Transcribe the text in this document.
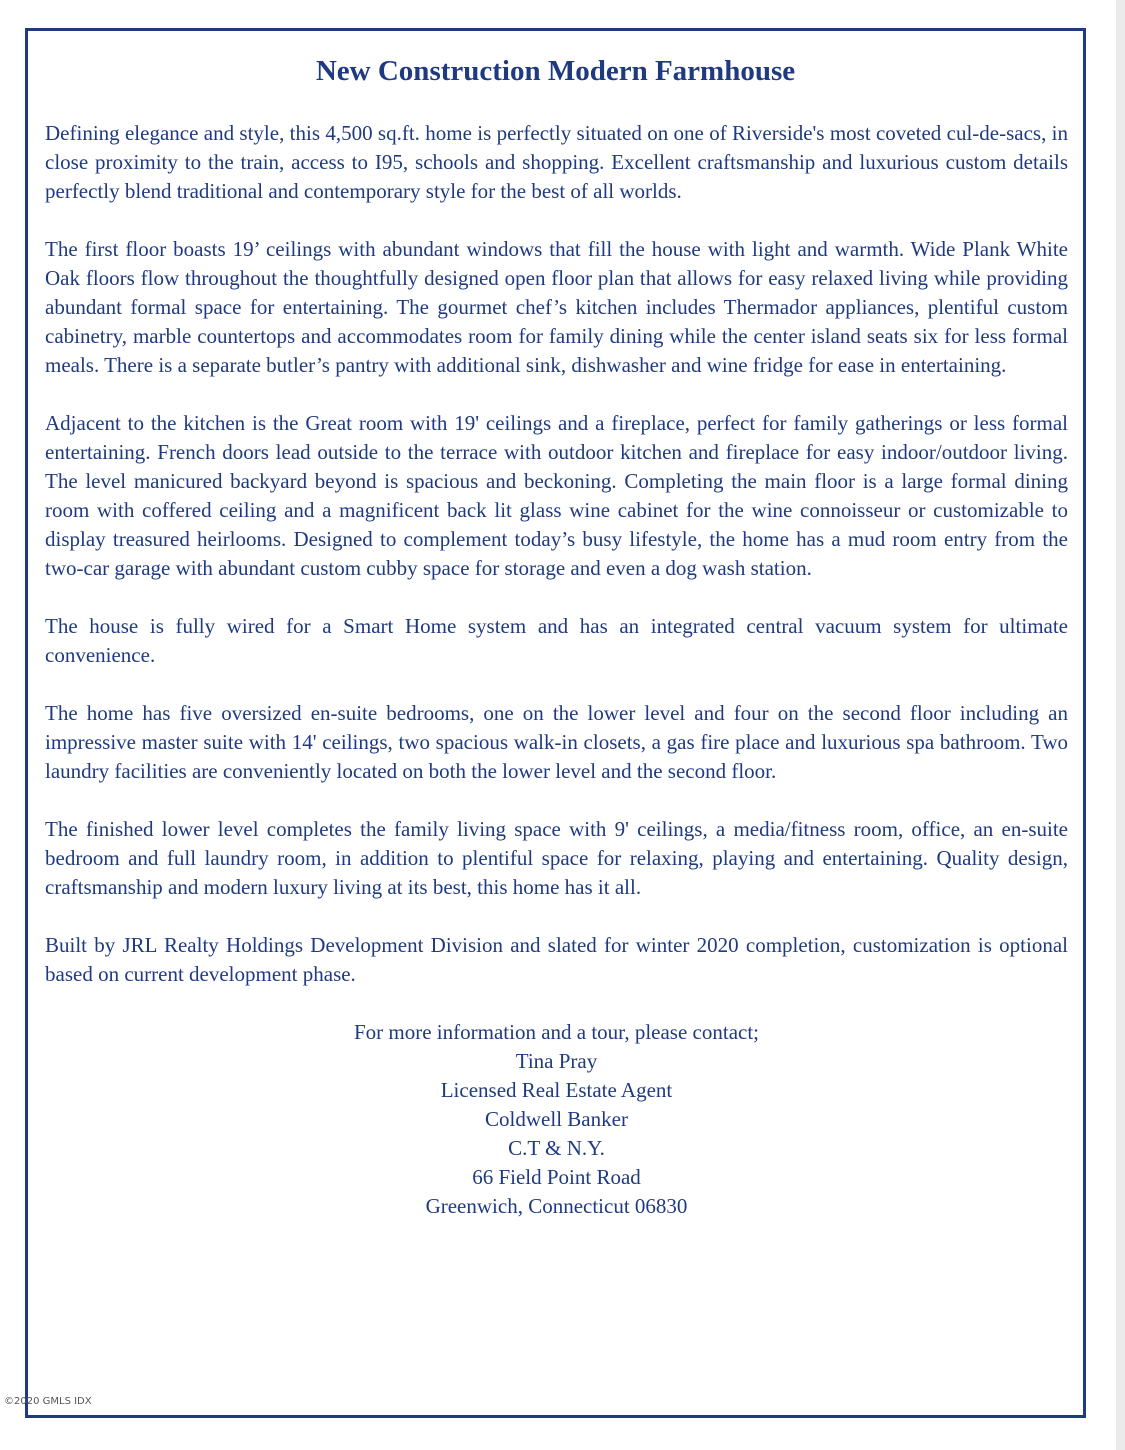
New Construction Modern Farmhouse

Defining elegance and style, this 4,500 sq.ft. home is perfectly situated on one of Riverside's most coveted cul-de-sacs, in close proximity to the train, access to I95, schools and shopping. Excellent craftsmanship and luxurious custom details perfectly blend traditional and contemporary style for the best of all worlds.

The first floor boasts 19’ ceilings with abundant windows that fill the house with light and warmth. Wide Plank White Oak floors flow throughout the thoughtfully designed open floor plan that allows for easy relaxed living while providing abundant formal space for entertaining. The gourmet chef’s kitchen includes Thermador appliances, plentiful custom cabinetry, marble countertops and accommodates room for family dining while the center island seats six for less formal meals. There is a separate butler’s pantry with additional sink, dishwasher and wine fridge for ease in entertaining.

Adjacent to the kitchen is the Great room with 19' ceilings and a fireplace, perfect for family gatherings or less formal entertaining. French doors lead outside to the terrace with outdoor kitchen and fireplace for easy indoor/outdoor living. The level manicured backyard beyond is spacious and beckoning. Completing the main floor is a large formal dining room with coffered ceiling and a magnificent back lit glass wine cabinet for the wine connoisseur or customizable to display treasured heirlooms. Designed to complement today’s busy lifestyle, the home has a mud room entry from the two-car garage with abundant custom cubby space for storage and even a dog wash station.

The house is fully wired for a Smart Home system and has an integrated central vacuum system for ultimate convenience.

The home has five oversized en-suite bedrooms, one on the lower level and four on the second floor including an impressive master suite with 14' ceilings, two spacious walk-in closets, a gas fire place and luxurious spa bathroom. Two laundry facilities are conveniently located on both the lower level and the second floor.

The finished lower level completes the family living space with 9' ceilings, a media/fitness room, office, an en-suite bedroom and full laundry room, in addition to plentiful space for relaxing, playing and entertaining. Quality design, craftsmanship and modern luxury living at its best, this home has it all.

Built by JRL Realty Holdings Development Division and slated for winter 2020 completion, customization is optional based on current development phase.

For more information and a tour, please contact;
Tina Pray
Licensed Real Estate Agent
Coldwell Banker
C.T & N.Y.
66 Field Point Road
Greenwich, Connecticut 06830
©2020 GMLS IDX
